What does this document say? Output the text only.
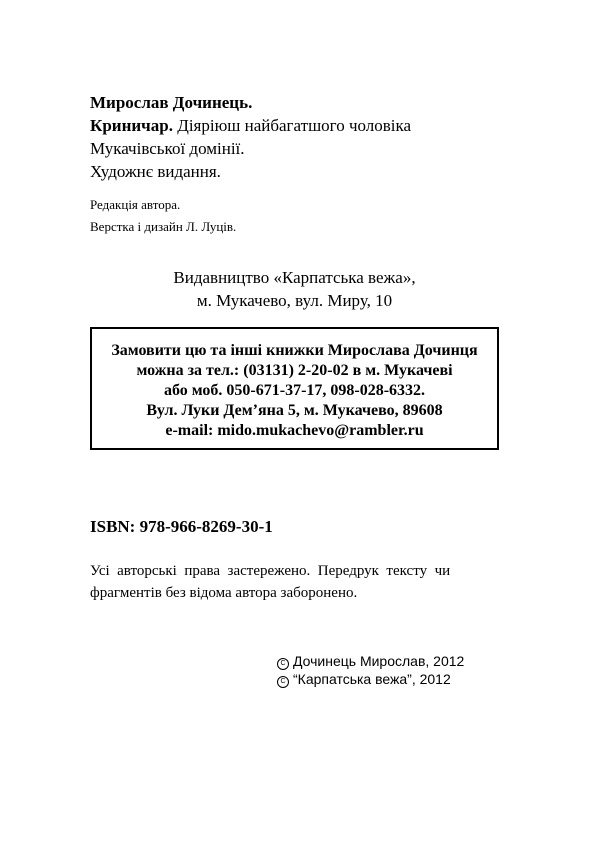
Мирослав Дочинець.
Криничар. Діяріюш найбагатшого чоловіка
Мукачівської домінії.
Художнє видання.
Редакція автора.
Верстка і дизайн Л. Луців.
Видавництво «Карпатська вежа»,
м. Мукачево, вул. Миру, 10
Замовити цю та інші книжки Мирослава Дочинця
можна за тел.: (03131) 2-20-02 в м. Мукачеві
або моб. 050-671-37-17, 098-028-6332.
Вул. Луки Дем’яна 5, м. Мукачево, 89608
e-mail: mido.mukachevo@rambler.ru
ISBN: 978-966-8269-30-1
Усі  авторські  права  застережено.  Передрук  тексту  чи
фрагментів без відома автора заборонено.
C Дочинець Мирослав, 2012
C “Карпатська вежа”, 2012
